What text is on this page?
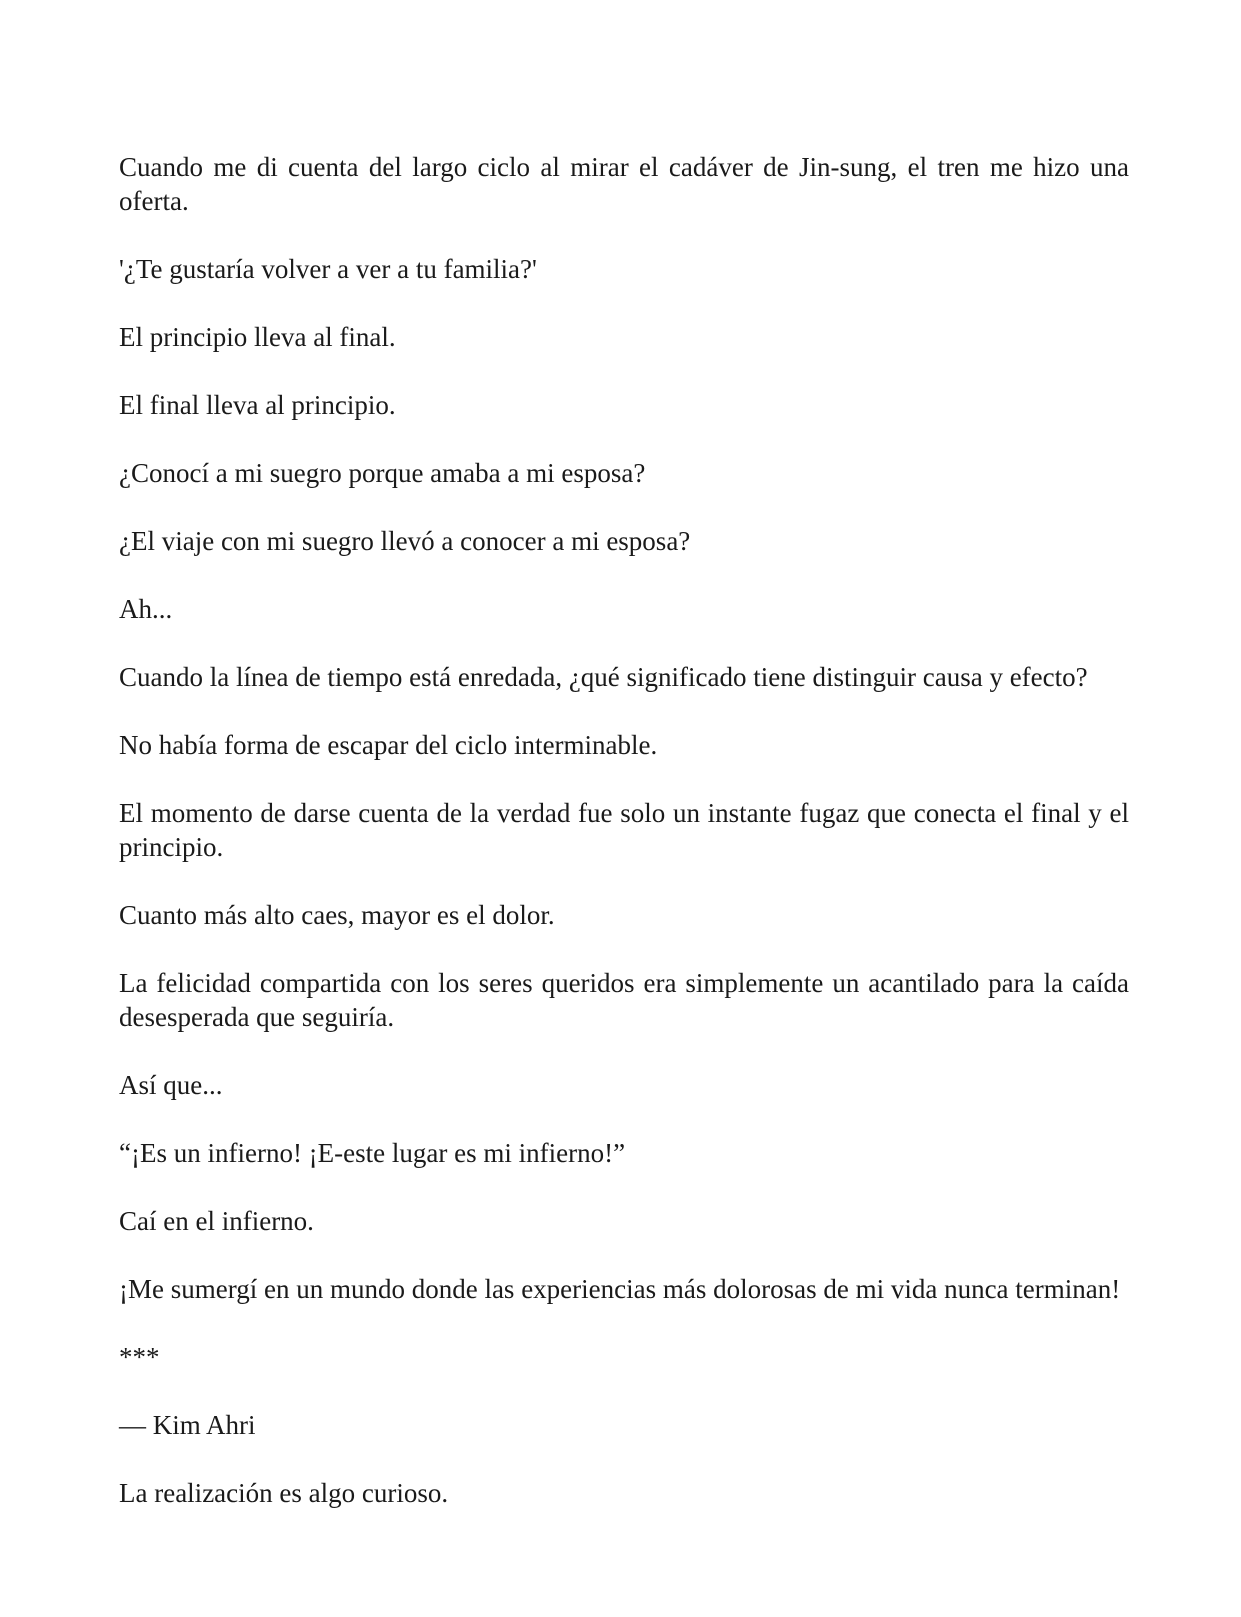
Cuando me di cuenta del largo ciclo al mirar el cadáver de Jin-sung, el tren me hizo una oferta.

'¿Te gustaría volver a ver a tu familia?'

El principio lleva al final.

El final lleva al principio.

¿Conocí a mi suegro porque amaba a mi esposa?

¿El viaje con mi suegro llevó a conocer a mi esposa?

Ah...

Cuando la línea de tiempo está enredada, ¿qué significado tiene distinguir causa y efecto?

No había forma de escapar del ciclo interminable.

El momento de darse cuenta de la verdad fue solo un instante fugaz que conecta el final y el principio.

Cuanto más alto caes, mayor es el dolor.

La felicidad compartida con los seres queridos era simplemente un acantilado para la caída desesperada que seguiría.

Así que...

“¡Es un infierno! ¡E-este lugar es mi infierno!”

Caí en el infierno.

¡Me sumergí en un mundo donde las experiencias más dolorosas de mi vida nunca terminan!

***

— Kim Ahri

La realización es algo curioso.
